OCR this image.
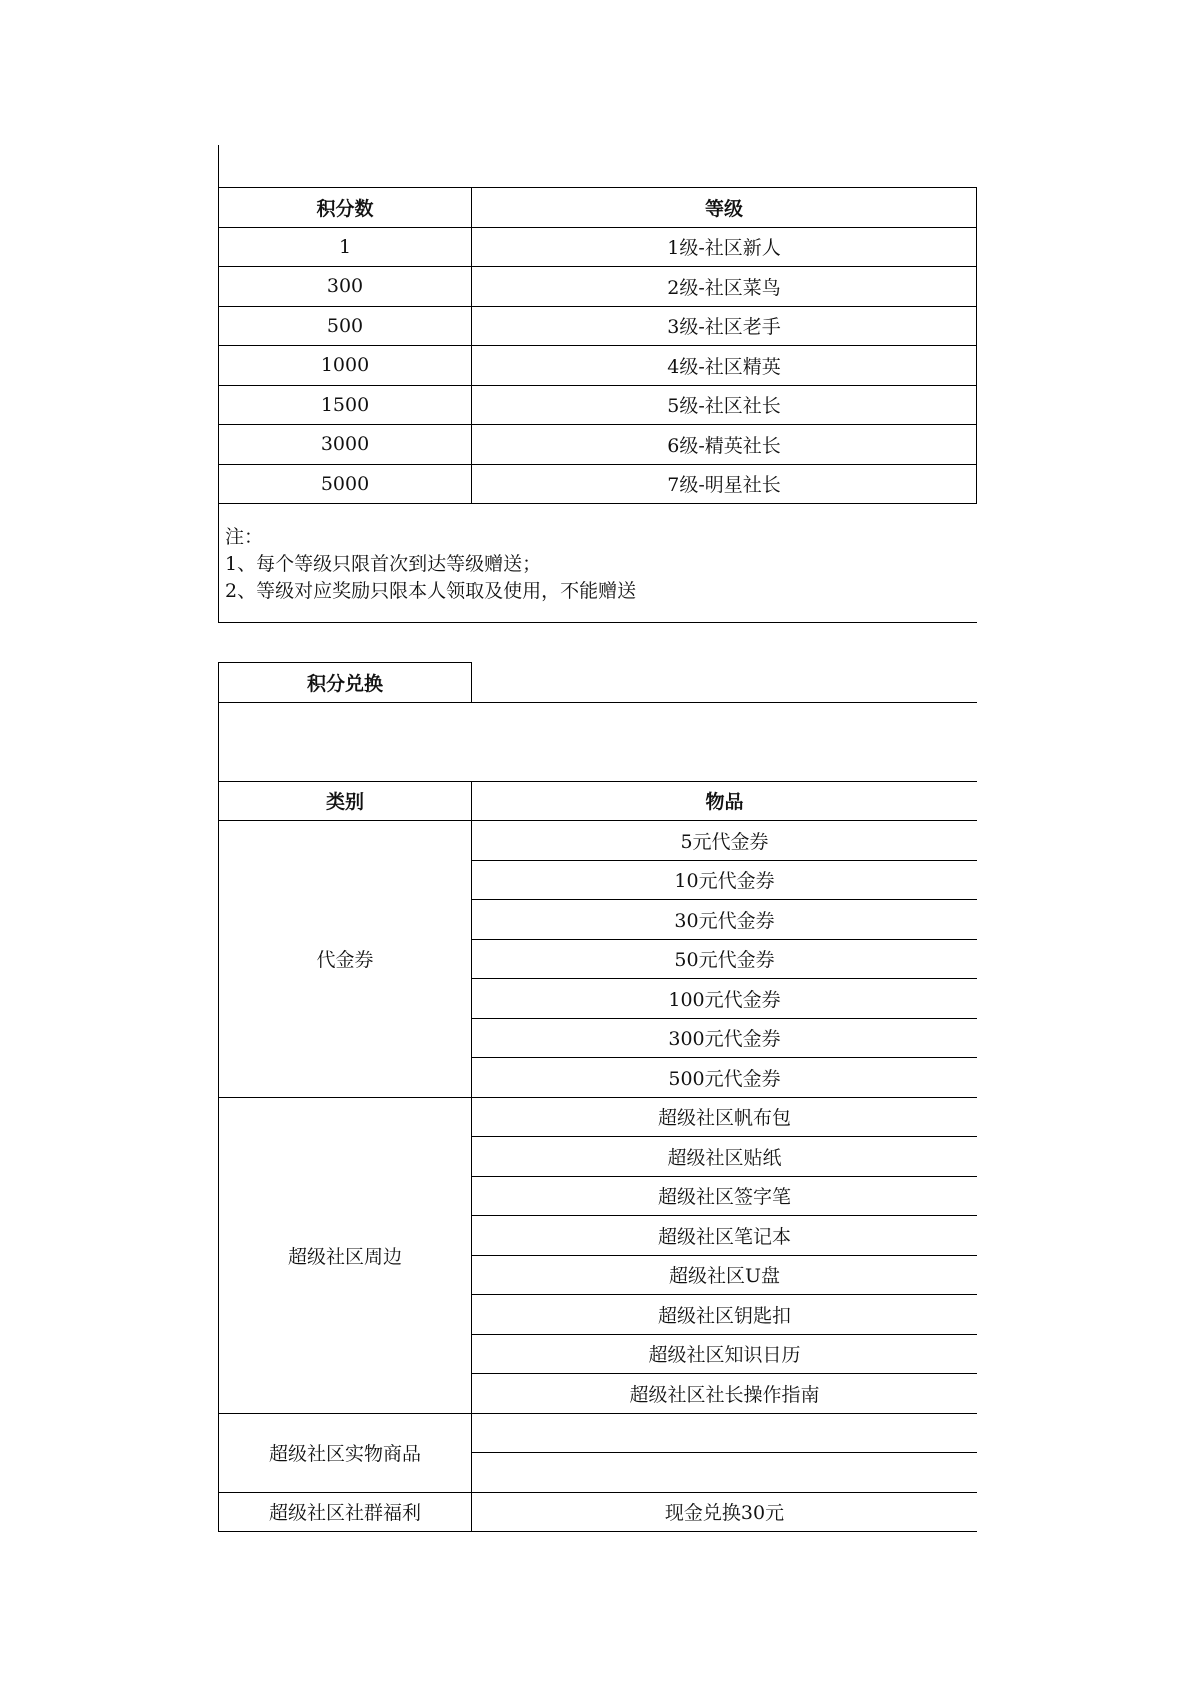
积分数	等级
1	1级-社区新人
300	2级-社区菜鸟
500	3级-社区老手
1000	4级-社区精英
1500	5级-社区社长
3000	6级-精英社长
5000	7级-明星社长
注：
1、每个等级只限首次到达等级赠送；
2、等级对应奖励只限本人领取及使用，不能赠送
积分兑换	

类别	物品
代金券	5元代金券
	10元代金券
	30元代金券
	50元代金券
	100元代金券
	300元代金券
	500元代金券
超级社区周边	超级社区帆布包
	超级社区贴纸
	超级社区签字笔
	超级社区笔记本
	超级社区U盘
	超级社区钥匙扣
	超级社区知识日历
	超级社区社长操作指南
超级社区实物商品	

超级社区社群福利	现金兑换30元
